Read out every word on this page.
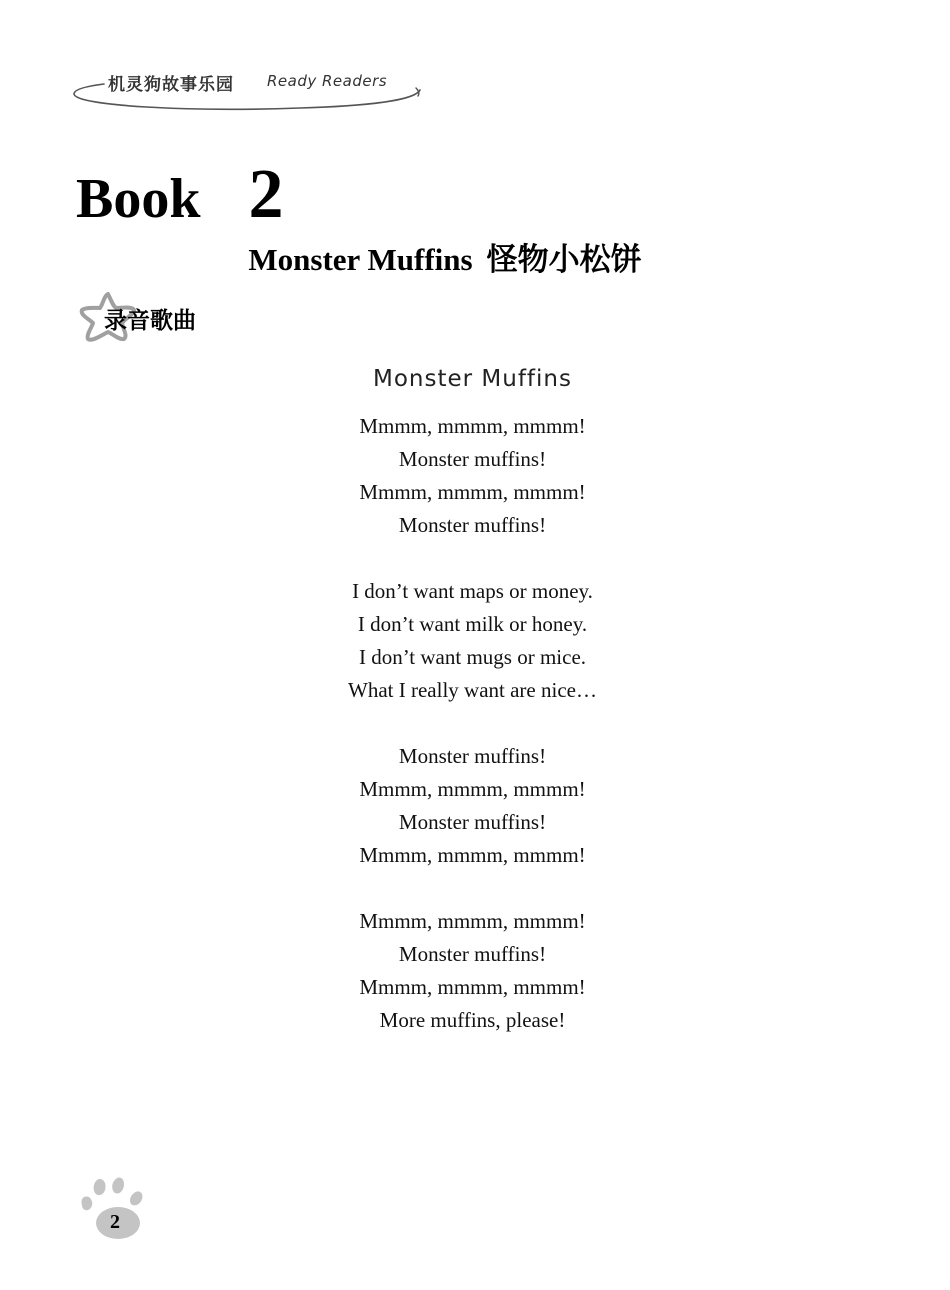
机灵狗故事乐园 Ready Readers
Book 2
Monster Muffins 怪物小松饼
录音歌曲
Monster Muffins
Mmmm, mmmm, mmmm!
Monster muffins!
Mmmm, mmmm, mmmm!
Monster muffins!
I don’t want maps or money.
I don’t want milk or honey.
I don’t want mugs or mice.
What I really want are nice…
Monster muffins!
Mmmm, mmmm, mmmm!
Monster muffins!
Mmmm, mmmm, mmmm!
Mmmm, mmmm, mmmm!
Monster muffins!
Mmmm, mmmm, mmmm!
More muffins, please!
2
